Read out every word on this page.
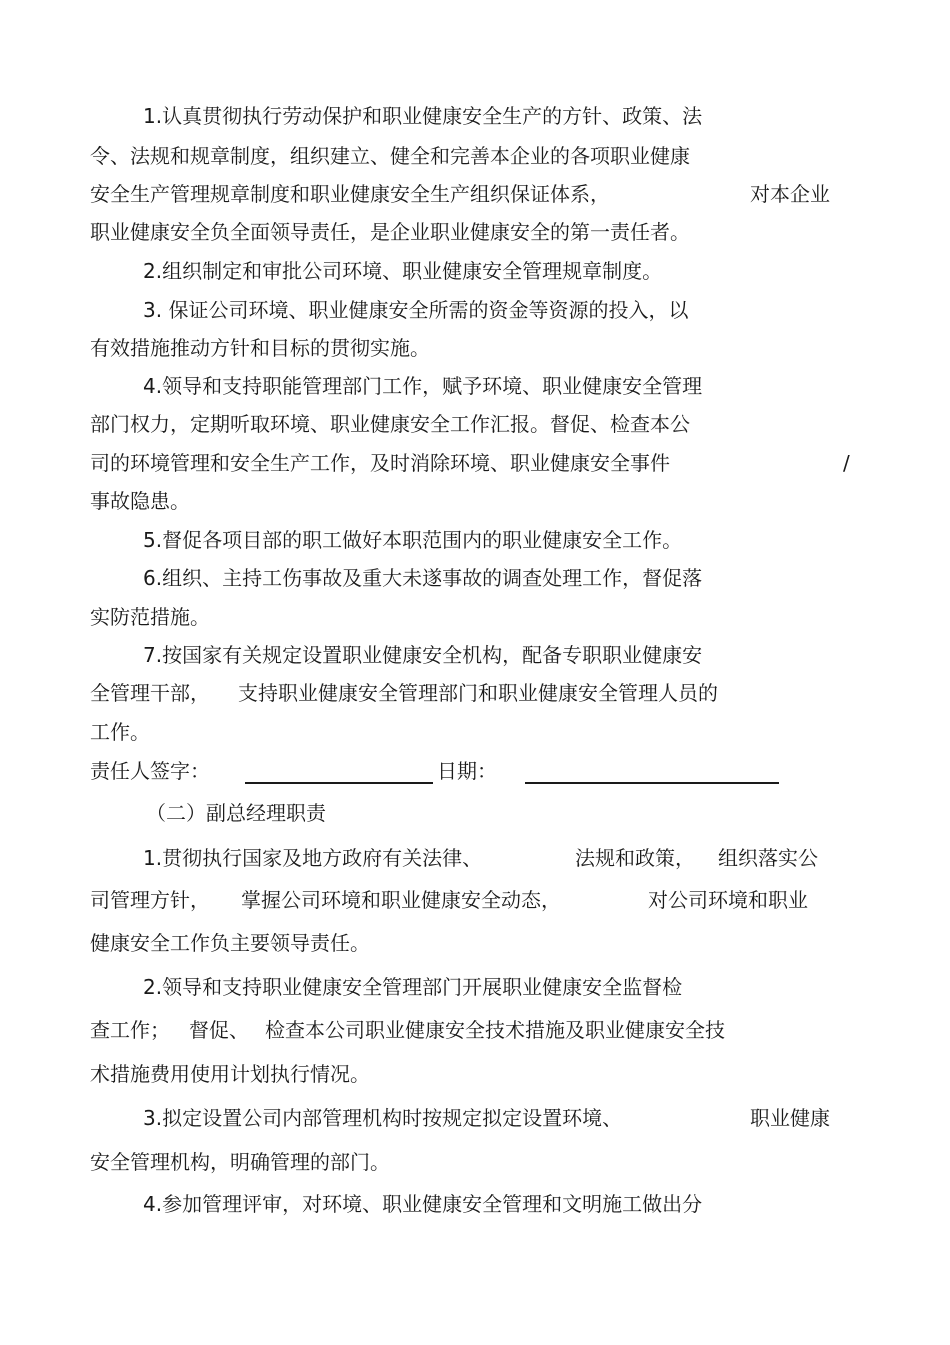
1.认真贯彻执行劳动保护和职业健康安全生产的方针、政策、法

令、法规和规章制度，组织建立、健全和完善本企业的各项职业健康

安全生产管理规章制度和职业健康安全生产组织保证体系，	对本企业

职业健康安全负全面领导责任，是企业职业健康安全的第一责任者。

2.组织制定和审批公司环境、职业健康安全管理规章制度。

3. 保证公司环境、职业健康安全所需的资金等资源的投入，以

有效措施推动方针和目标的贯彻实施。

4.领导和支持职能管理部门工作，赋予环境、职业健康安全管理

部门权力，定期听取环境、职业健康安全工作汇报。督促、检查本公

司的环境管理和安全生产工作，及时消除环境、职业健康安全事件	/

事故隐患。

5.督促各项目部的职工做好本职范围内的职业健康安全工作。

6.组织、主持工伤事故及重大未遂事故的调查处理工作，督促落

实防范措施。

7.按国家有关规定设置职业健康安全机构，配备专职职业健康安

全管理干部， 支持职业健康安全管理部门和职业健康安全管理人员的

工作。

责任人签字：	日期：

（二）副总经理职责

1.贯彻执行国家及地方政府有关法律、	法规和政策， 组织落实公

司管理方针， 掌握公司环境和职业健康安全动态，	对公司环境和职业

健康安全工作负主要领导责任。

2.领导和支持职业健康安全管理部门开展职业健康安全监督检

查工作； 督促、 检查本公司职业健康安全技术措施及职业健康安全技

术措施费用使用计划执行情况。

3.拟定设置公司内部管理机构时按规定拟定设置环境、	职业健康

安全管理机构，明确管理的部门。

4.参加管理评审，对环境、职业健康安全管理和文明施工做出分
